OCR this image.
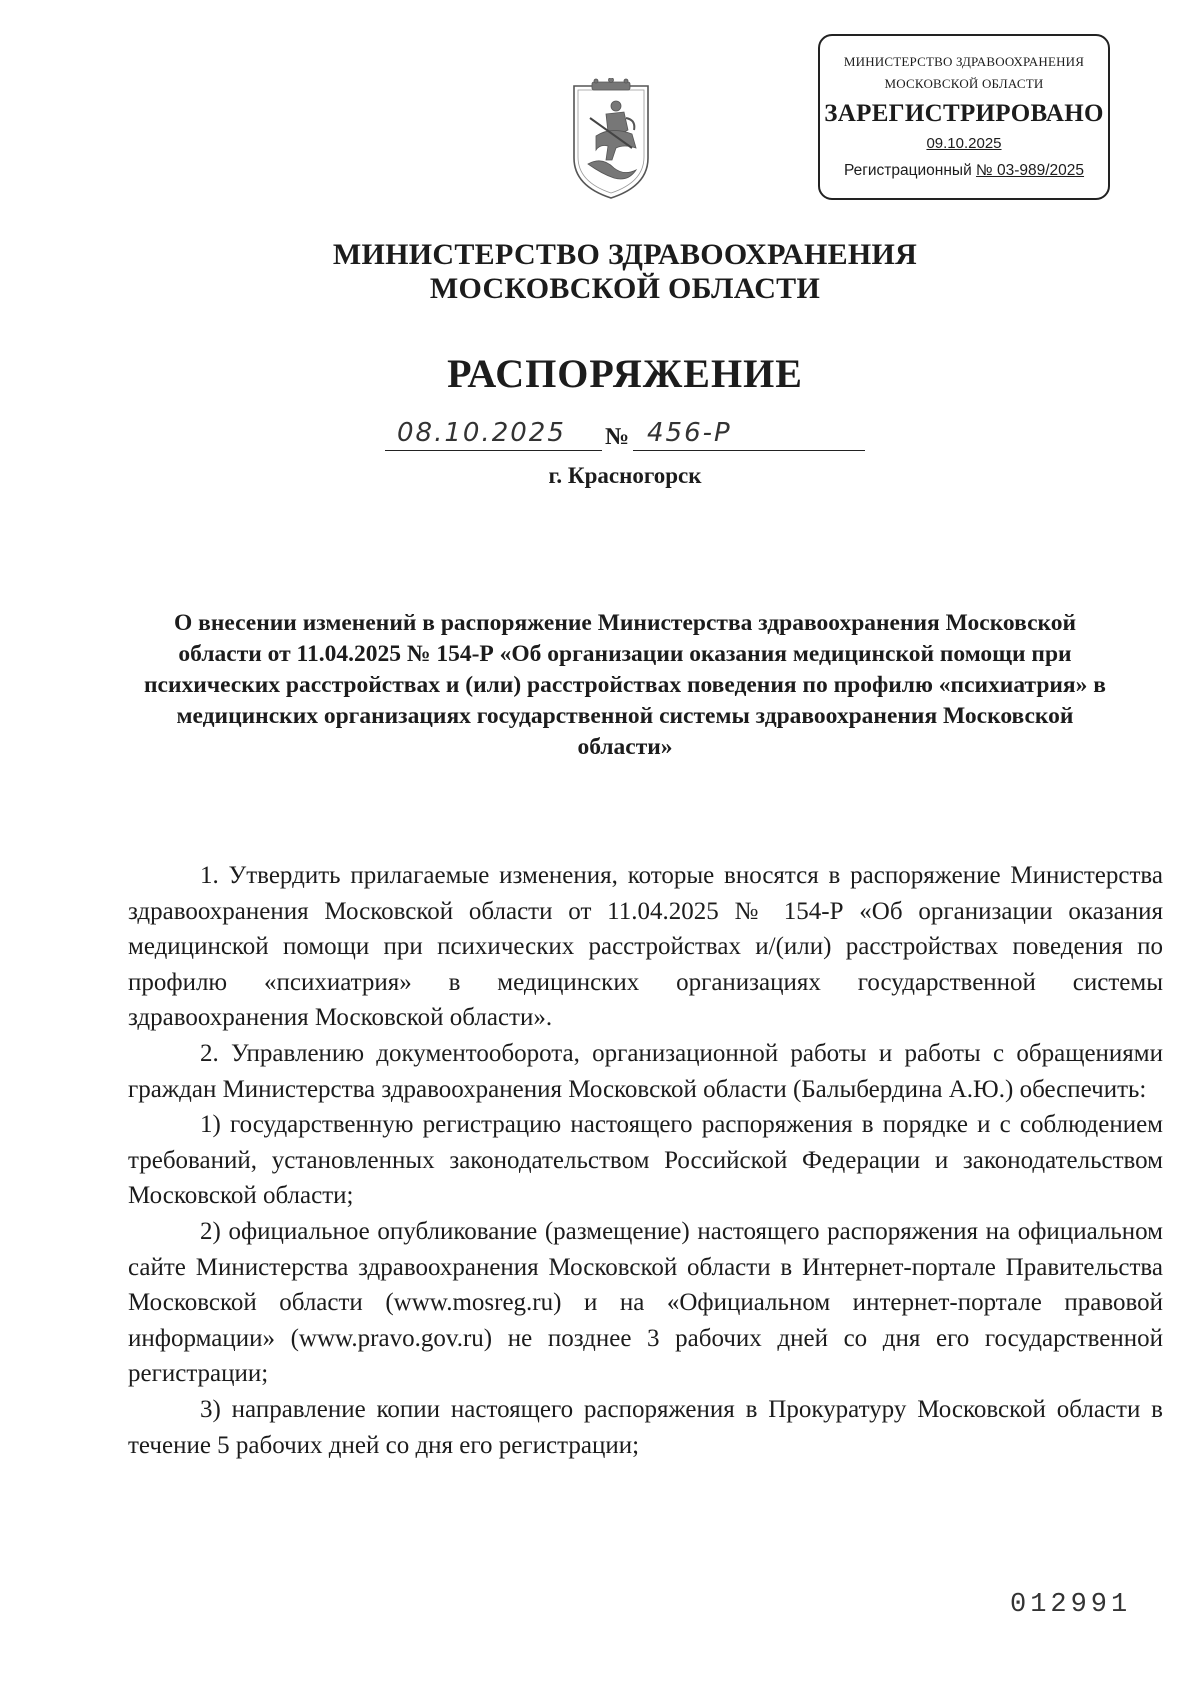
МИНИСТЕРСТВО ЗДРАВООХРАНЕНИЯ
МОСКОВСКОЙ ОБЛАСТИ
ЗАРЕГИСТРИРОВАНО
09.10.2025
Регистрационный № 03-989/2025
МИНИСТЕРСТВО ЗДРАВООХРАНЕНИЯ
МОСКОВСКОЙ ОБЛАСТИ
РАСПОРЯЖЕНИЕ
08.10.2025 № 456-Р
г. Красногорск
О внесении изменений в распоряжение Министерства здравоохранения Московской области от 11.04.2025 № 154-Р «Об организации оказания медицинской помощи при психических расстройствах и (или) расстройствах поведения по профилю «психиатрия» в медицинских организациях государственной системы здравоохранения Московской области»

1. Утвердить прилагаемые изменения, которые вносятся в распоряжение Министерства здравоохранения Московской области от 11.04.2025 № 154-Р «Об организации оказания медицинской помощи при психических расстройствах и/(или) расстройствах поведения по профилю «психиатрия» в медицинских организациях государственной системы здравоохранения Московской области».

2. Управлению документооборота, организационной работы и работы с обращениями граждан Министерства здравоохранения Московской области (Балыбердина А.Ю.) обеспечить:

1) государственную регистрацию настоящего распоряжения в порядке и с соблюдением требований, установленных законодательством Российской Федерации и законодательством Московской области;

2) официальное опубликование (размещение) настоящего распоряжения на официальном сайте Министерства здравоохранения Московской области в Интернет-портале Правительства Московской области (www.mosreg.ru) и на «Официальном интернет-портале правовой информации» (www.pravo.gov.ru) не позднее 3 рабочих дней со дня его государственной регистрации;

3) направление копии настоящего распоряжения в Прокуратуру Московской области в течение 5 рабочих дней со дня его регистрации;

012991
